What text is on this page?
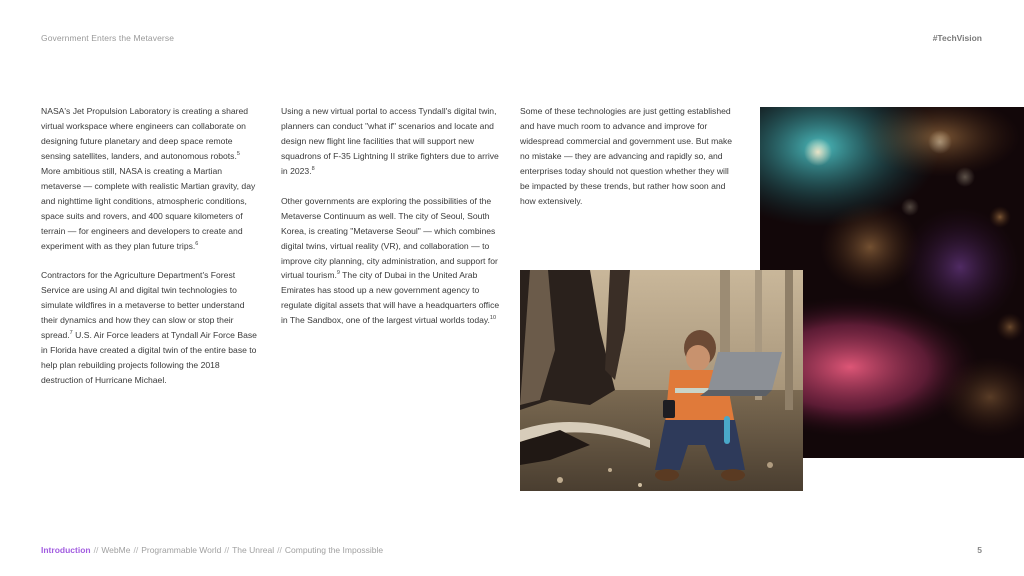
Government Enters the Metaverse	#TechVision

NASA's Jet Propulsion Laboratory is creating a shared virtual workspace where engineers can collaborate on designing future planetary and deep space remote sensing satellites, landers, and autonomous robots.$^5$ More ambitious still, NASA is creating a Martian metaverse — complete with realistic Martian gravity, day and nighttime light conditions, atmospheric conditions, space suits and rovers, and 400 square kilometers of terrain — for engineers and developers to create and experiment with as they plan future trips.$^6$

Contractors for the Agriculture Department's Forest Service are using AI and digital twin technologies to simulate wildfires in a metaverse to better understand their dynamics and how they can slow or stop their spread.$^7$ U.S. Air Force leaders at Tyndall Air Force Base in Florida have created a digital twin of the entire base to help plan rebuilding projects following the 2018 destruction of Hurricane Michael.

Using a new virtual portal to access Tyndall's digital twin, planners can conduct "what if" scenarios and locate and design new flight line facilities that will support new squadrons of F-35 Lightning II strike fighters due to arrive in 2023.$^8$

Other governments are exploring the possibilities of the Metaverse Continuum as well. The city of Seoul, South Korea, is creating "Metaverse Seoul" — which combines digital twins, virtual reality (VR), and collaboration — to improve city planning, city administration, and support for virtual tourism.$^9$ The city of Dubai in the United Arab Emirates has stood up a new government agency to regulate digital assets that will have a headquarters office in The Sandbox, one of the largest virtual worlds today.$^{10}$

Some of these technologies are just getting established and have much room to advance and improve for widespread commercial and government use. But make no mistake — they are advancing and rapidly so, and enterprises today should not question whether they will be impacted by these trends, but rather how soon and how extensively.

Introduction // WebMe // Programmable World // The Unreal // Computing the Impossible	5
